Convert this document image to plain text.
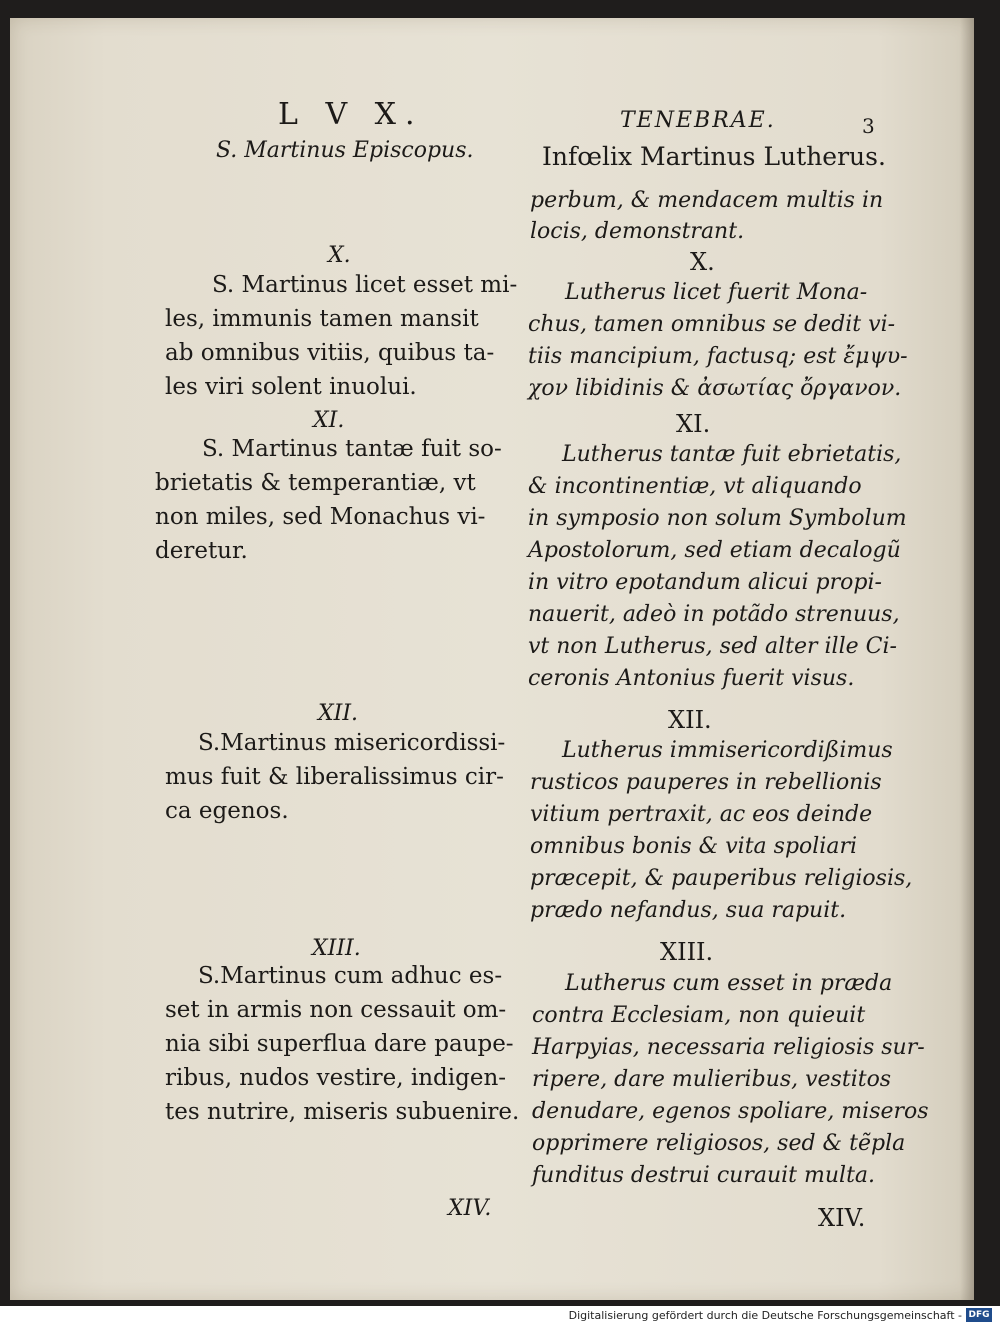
L V X.
S. Martinus Episcopus.
X.
S. Martinus licet esset mi-
les, immunis tamen mansit
ab omnibus vitiis, quibus ta-
les viri solent inuolui.
XI.
S. Martinus tantæ fuit so-
brietatis & temperantiæ, vt
non miles, sed Monachus vi-
deretur.
XII.
S.Martinus misericordissi-
mus fuit & liberalissimus cir-
ca egenos.
XIII.
S.Martinus cum adhuc es-
set in armis non cessauit om-
nia sibi superflua dare paupe-
ribus, nudos vestire, indigen-
tes nutrire, miseris subuenire.
XIV.
TENEBRAE.	3
Infœlix Martinus Lutherus.
perbum, & mendacem multis in
locis, demonstrant.
X.
Lutherus licet fuerit Mona-
chus, tamen omnibus se dedit vi-
tiis mancipium, factusq; est ἔμψυ-
χον libidinis & ἀσωτίας ὄργανον.
XI.
Lutherus tantæ fuit ebrietatis,
& incontinentiæ, vt aliquando
in symposio non solum Symbolum
Apostolorum, sed etiam decalogũ
in vitro epotandum alicui propi-
nauerit, adeò in potãdo strenuus,
vt non Lutherus, sed alter ille Ci-
ceronis Antonius fuerit visus.
XII.
Lutherus immisericordißimus
rusticos pauperes in rebellionis
vitium pertraxit, ac eos deinde
omnibus bonis & vita spoliari
præcepit, & pauperibus religiosis,
prædo nefandus, sua rapuit.
XIII.
Lutherus cum esset in præda
contra Ecclesiam, non quieuit
Harpyias, necessaria religiosis sur-
ripere, dare mulieribus, vestitos
denudare, egenos spoliare, miseros
opprimere religiosos, sed & tẽpla
funditus destrui curauit multa.
XIV.
Digitalisierung gefördert durch die Deutsche Forschungsgemeinschaft - DFG
